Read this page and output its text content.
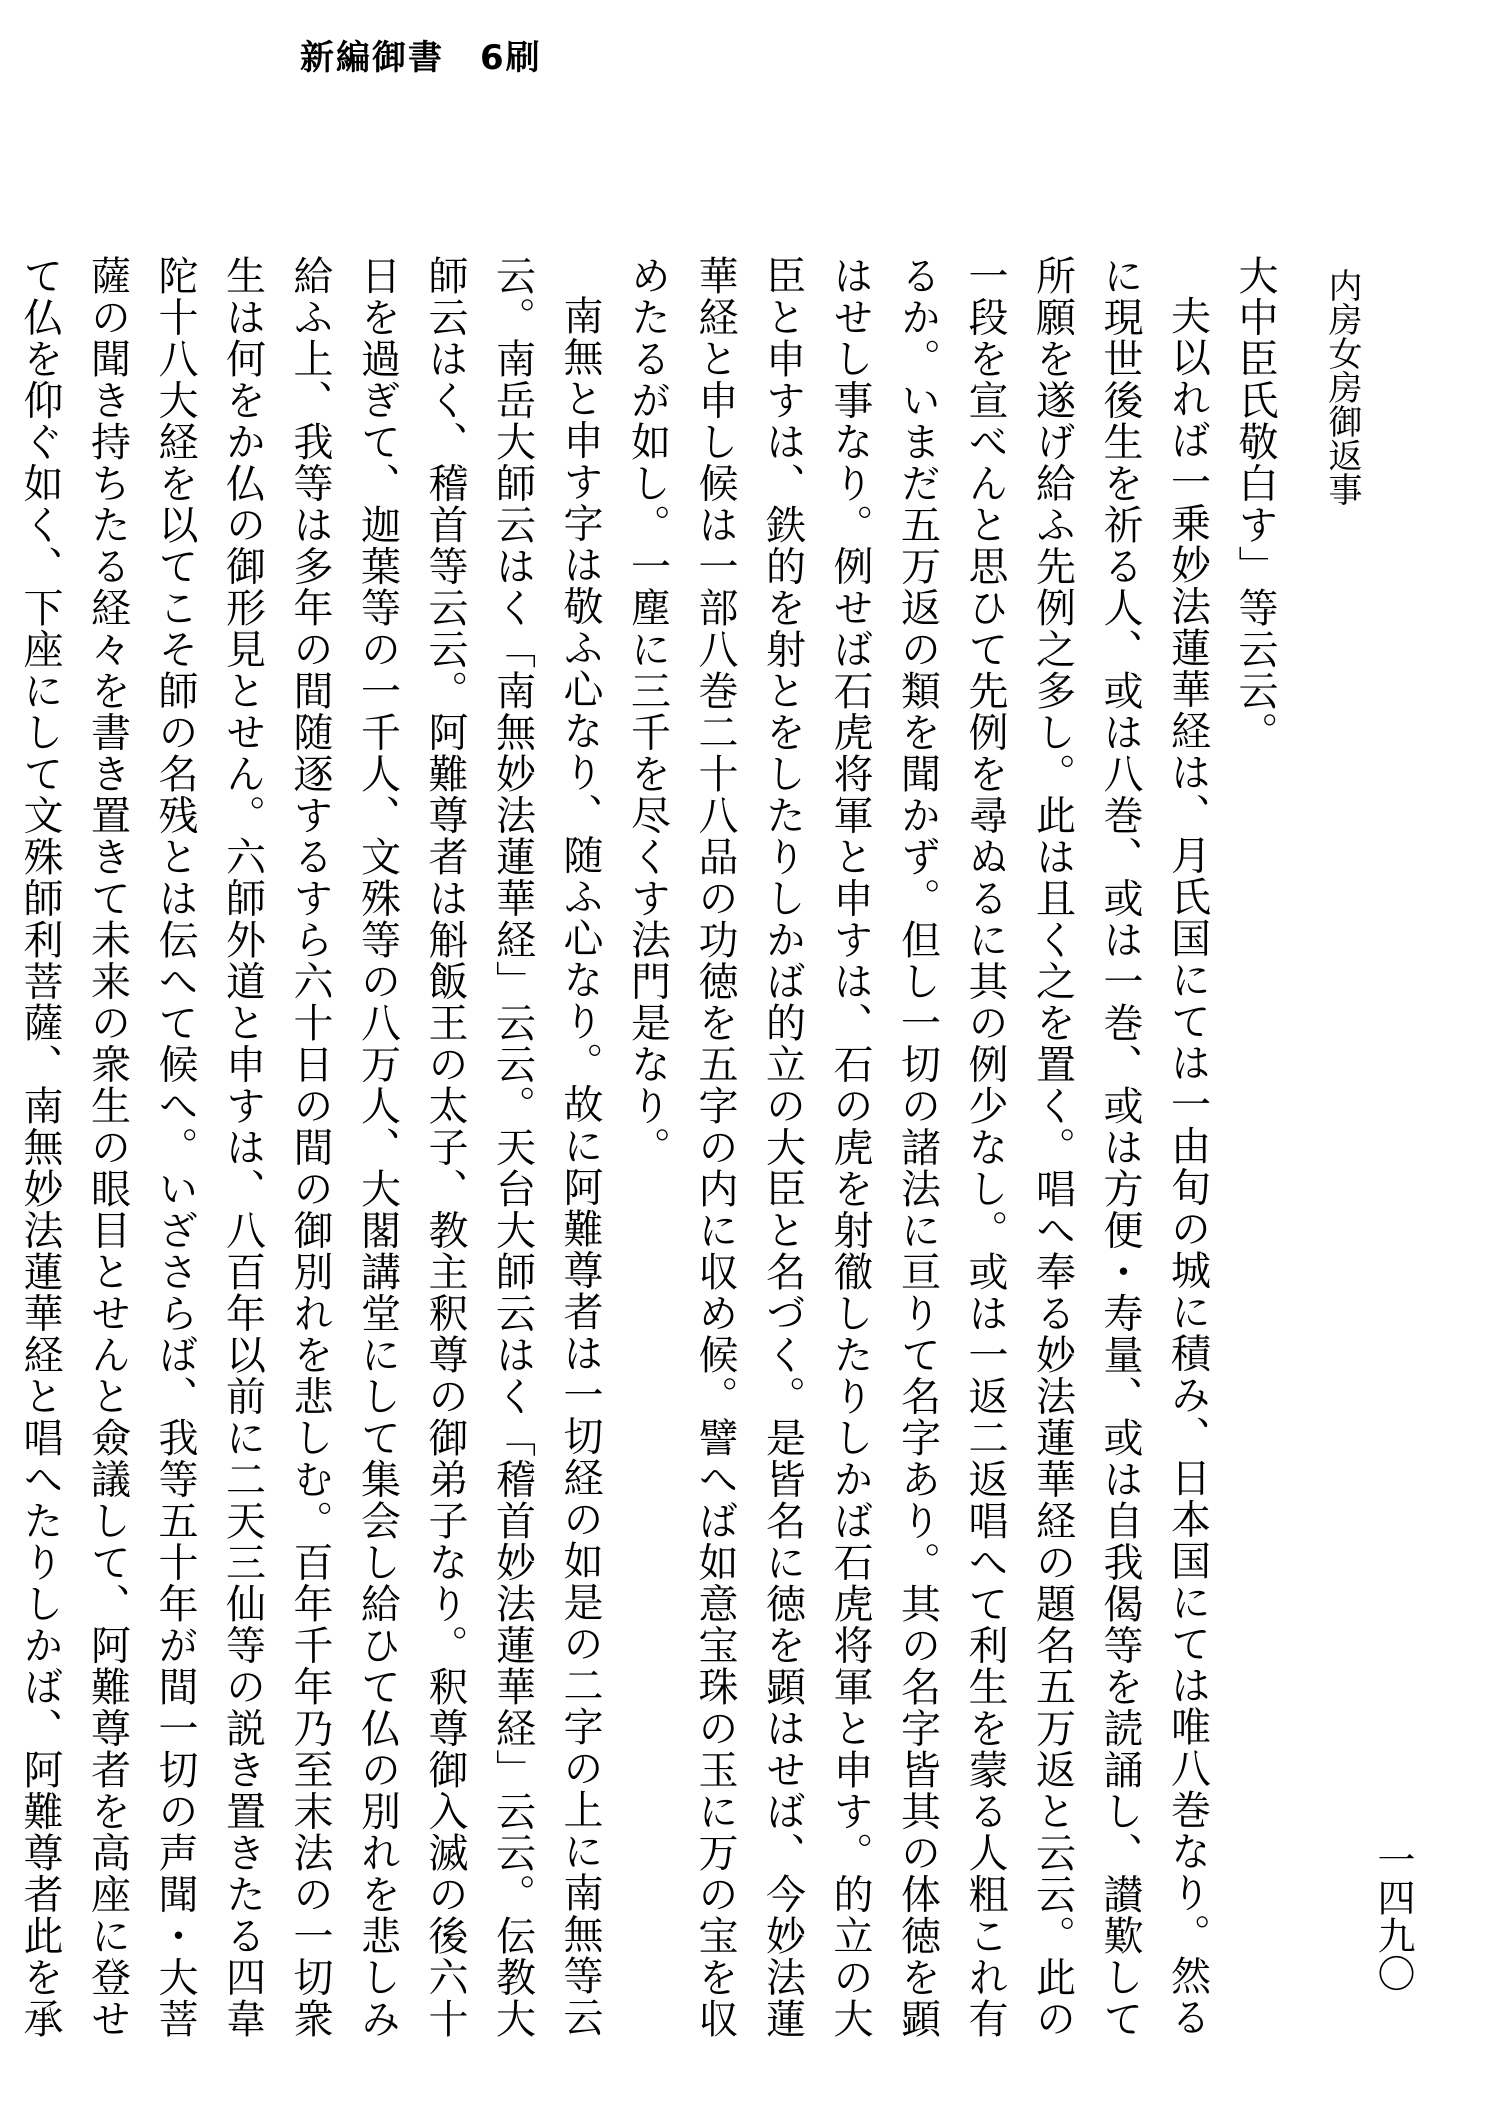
新編御書　6刷
内房女房御返事
一四九〇

大中臣氏敬白す」等云云。

夫以れば一乗妙法蓮華経は、月氏国にては一由旬の城に積み、日本国にては唯八巻なり。然るに現世後生を祈る人、或は八巻、或は一巻、或は方便・寿量、或は自我偈等を読誦し、讃歎して所願を遂げ給ふ先例之多し。此は且く之を置く。唱へ奉る妙法蓮華経の題名五万返と云云。此の一段を宣べんと思ひて先例を尋ぬるに其の例少なし。或は一返二返唱へて利生を蒙る人粗これ有るか。いまだ五万返の類を聞かず。但し一切の諸法に亘りて名字あり。其の名字皆其の体徳を顕はせし事なり。例せば石虎将軍と申すは、石の虎を射徹したりしかば石虎将軍と申す。的立の大臣と申すは、鉄的を射とをしたりしかば的立の大臣と名づく。是皆名に徳を顕はせば、今妙法蓮華経と申し候は一部八巻二十八品の功徳を五字の内に収め候。譬へば如意宝珠の玉に万の宝を収めたるが如し。一塵に三千を尽くす法門是なり。

南無と申す字は敬ふ心なり、随ふ心なり。故に阿難尊者は一切経の如是の二字の上に南無等云云。南岳大師云はく「南無妙法蓮華経」云云。天台大師云はく「稽首妙法蓮華経」云云。伝教大師云はく、稽首等云云。阿難尊者は斛飯王の太子、教主釈尊の御弟子なり。釈尊御入滅の後六十日を過ぎて、迦葉等の一千人、文殊等の八万人、大閣講堂にして集会し給ひて仏の別れを悲しみ給ふ上、我等は多年の間随逐するすら六十日の間の御別れを悲しむ。百年千年乃至末法の一切衆生は何をか仏の御形見とせん。六師外道と申すは、八百年以前に二天三仙等の説き置きたる四韋陀十八大経を以てこそ師の名残とは伝へて候へ。いざさらば、我等五十年が間一切の声聞・大菩薩の聞き持ちたる経々を書き置きて未来の衆生の眼目とせんと僉議して、阿難尊者を高座に登せて仏を仰ぐ如く、下座にして文殊師利菩薩、南無妙法蓮華経と唱へたりしかば、阿難尊者此を承
